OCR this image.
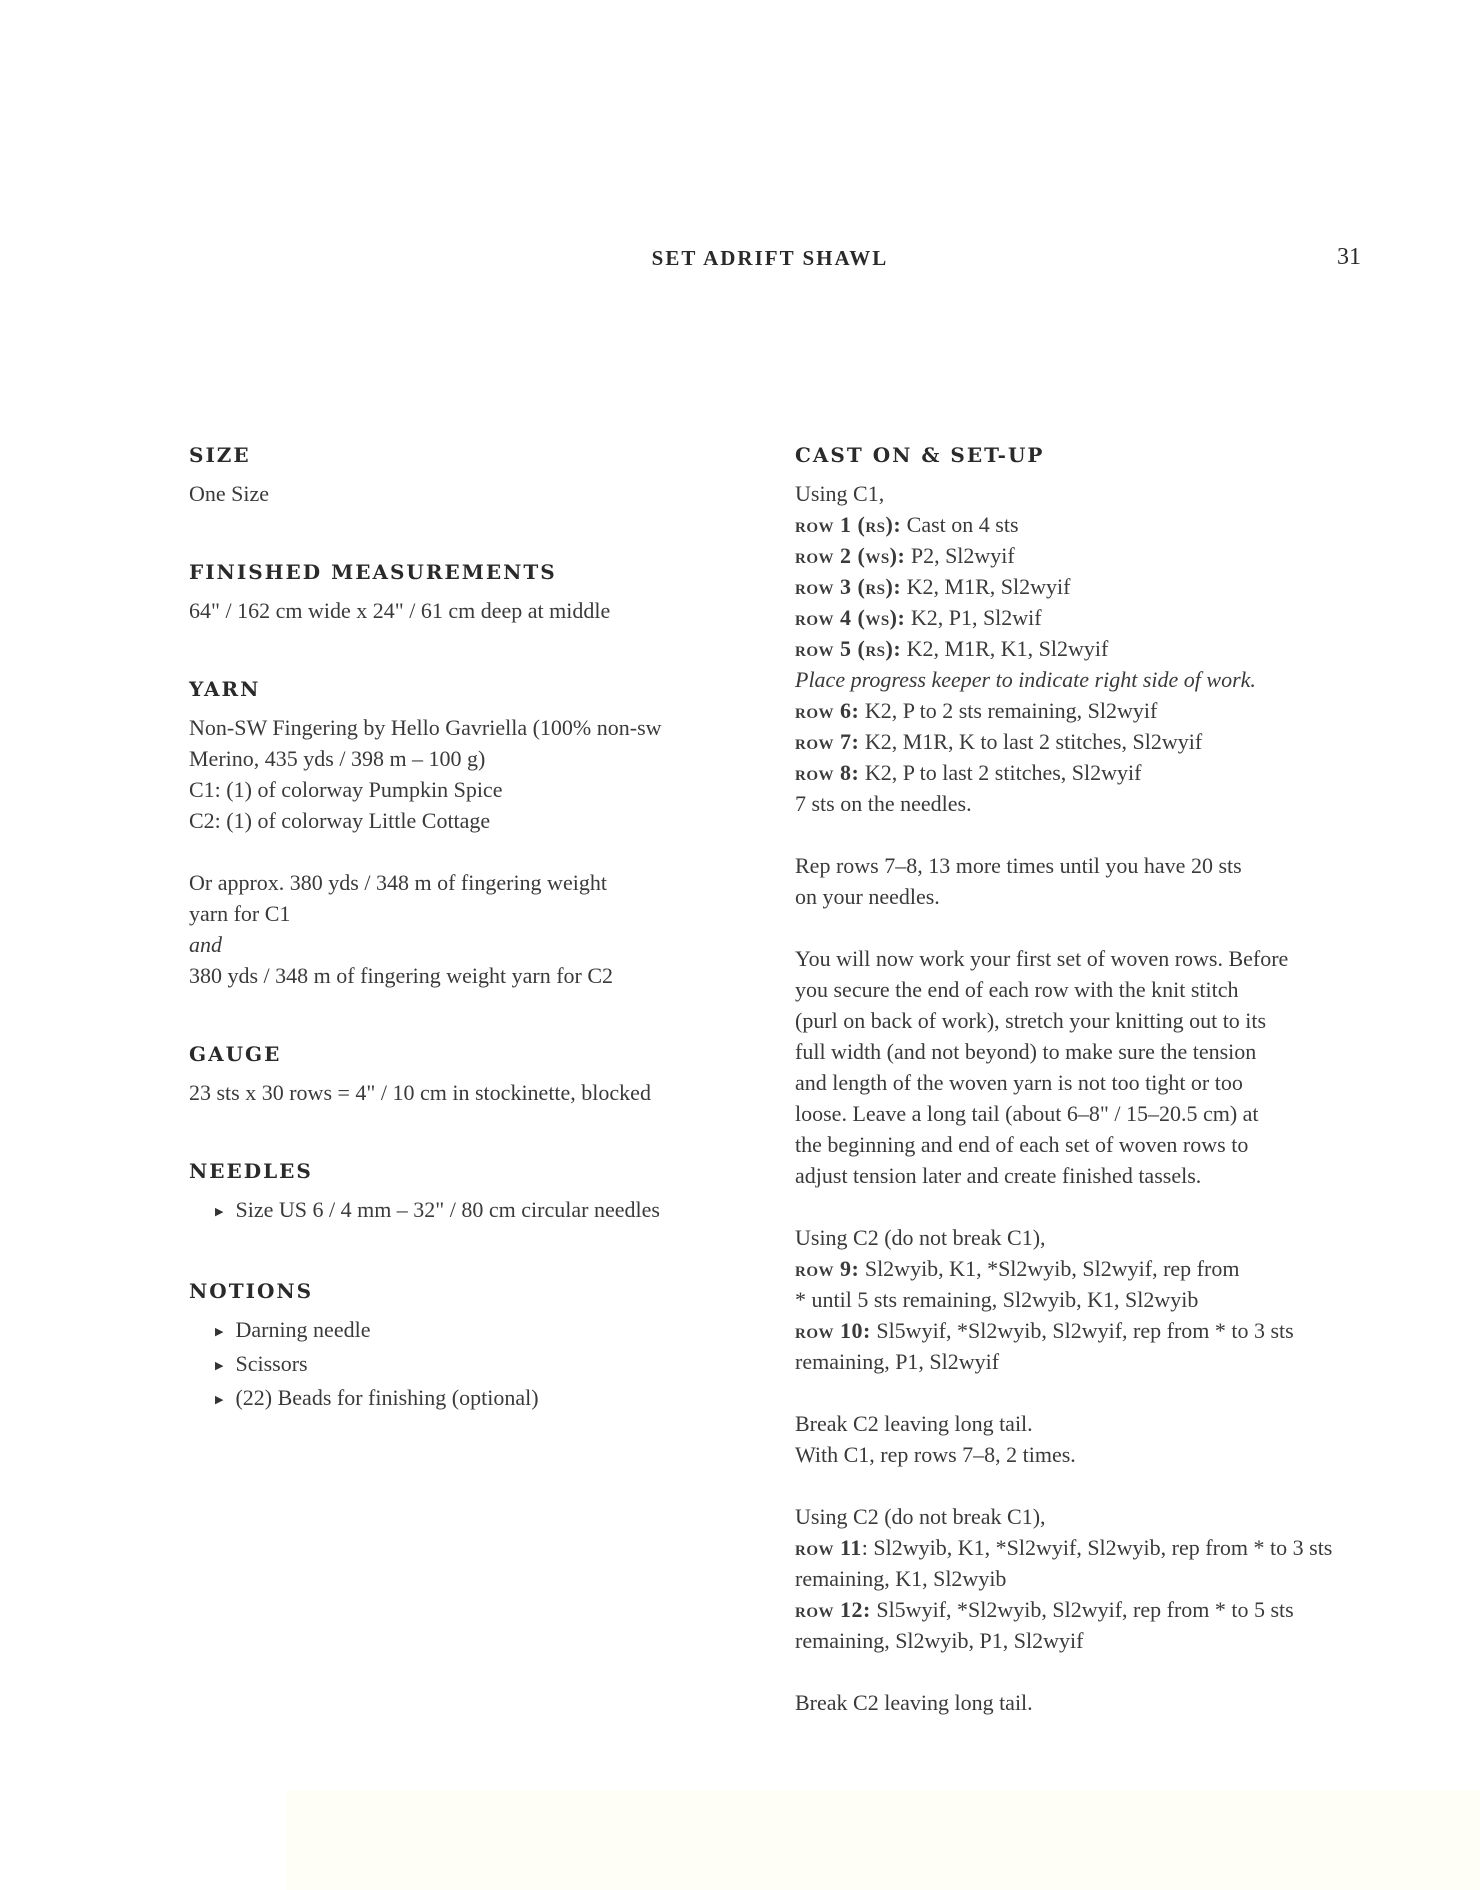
SET ADRIFT SHAWL	31
SIZE

One Size

FINISHED MEASUREMENTS

64" / 162 cm wide x 24" / 61 cm deep at middle

YARN

Non-SW Fingering by Hello Gavriella (100% non-sw

Merino, 435 yds / 398 m – 100 g)

C1: (1) of colorway Pumpkin Spice

C2: (1) of colorway Little Cottage

Or approx. 380 yds / 348 m of fingering weight

yarn for C1

and

380 yds / 348 m of fingering weight yarn for C2

GAUGE

23 sts x 30 rows = 4" / 10 cm in stockinette, blocked

NEEDLES
▶ Size US 6 / 4 mm – 32" / 80 cm circular needles
NOTIONS
▶ Darning needle
▶ Scissors
▶ (22) Beads for finishing (optional)
CAST ON & SET-UP

Using C1,

row 1 (rs): Cast on 4 sts

row 2 (ws): P2, Sl2wyif

row 3 (rs): K2, M1R, Sl2wyif

row 4 (ws): K2, P1, Sl2wif

row 5 (rs): K2, M1R, K1, Sl2wyif

Place progress keeper to indicate right side of work.

row 6: K2, P to 2 sts remaining, Sl2wyif

row 7: K2, M1R, K to last 2 stitches, Sl2wyif

row 8: K2, P to last 2 stitches, Sl2wyif

7 sts on the needles.

Rep rows 7–8, 13 more times until you have 20 sts

on your needles.

You will now work your first set of woven rows. Before

you secure the end of each row with the knit stitch

(purl on back of work), stretch your knitting out to its

full width (and not beyond) to make sure the tension

and length of the woven yarn is not too tight or too

loose. Leave a long tail (about 6–8" / 15–20.5 cm) at

the beginning and end of each set of woven rows to

adjust tension later and create finished tassels.

Using C2 (do not break C1),

row 9: Sl2wyib, K1, *Sl2wyib, Sl2wyif, rep from

* until 5 sts remaining, Sl2wyib, K1, Sl2wyib

row 10: Sl5wyif, *Sl2wyib, Sl2wyif, rep from * to 3 sts

remaining, P1, Sl2wyif

Break C2 leaving long tail.

With C1, rep rows 7–8, 2 times.

Using C2 (do not break C1),

row 11: Sl2wyib, K1, *Sl2wyif, Sl2wyib, rep from * to 3 sts

remaining, K1, Sl2wyib

row 12: Sl5wyif, *Sl2wyib, Sl2wyif, rep from * to 5 sts

remaining, Sl2wyib, P1, Sl2wyif

Break C2 leaving long tail.
